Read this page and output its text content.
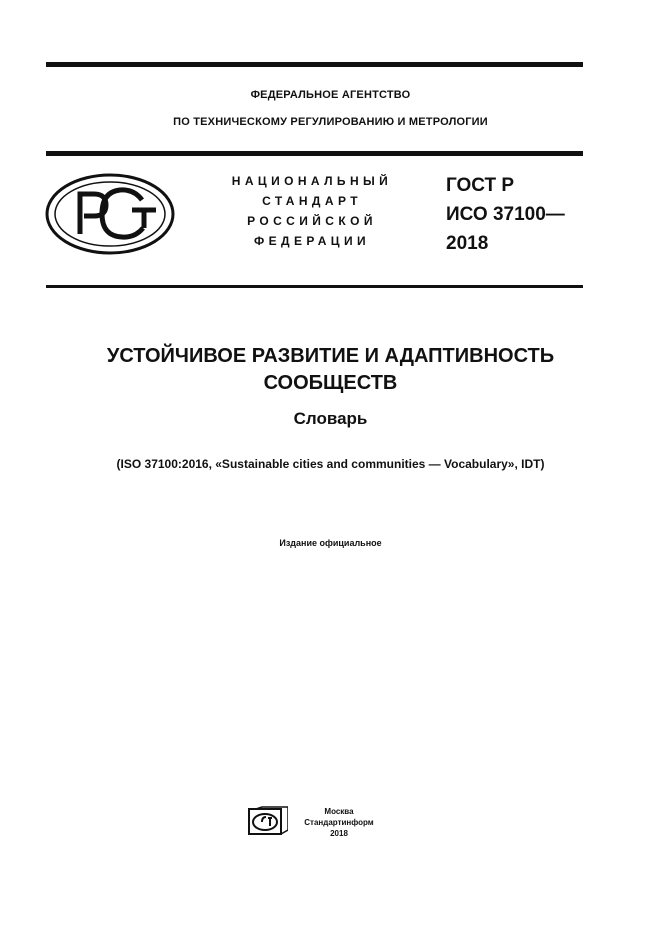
ФЕДЕРАЛЬНОЕ АГЕНТСТВО
ПО ТЕХНИЧЕСКОМУ РЕГУЛИРОВАНИЮ И МЕТРОЛОГИИ
НАЦИОНАЛЬНЫЙ
СТАНДАРТ
РОССИЙСКОЙ
ФЕДЕРАЦИИ
ГОСТ Р
ИСО 37100—
2018
УСТОЙЧИВОЕ РАЗВИТИЕ И АДАПТИВНОСТЬ
СООБЩЕСТВ
Словарь
(ISO 37100:2016, «Sustainable cities and communities — Vocabulary», IDT)
Издание официальное
Москва
Стандартинформ
2018
